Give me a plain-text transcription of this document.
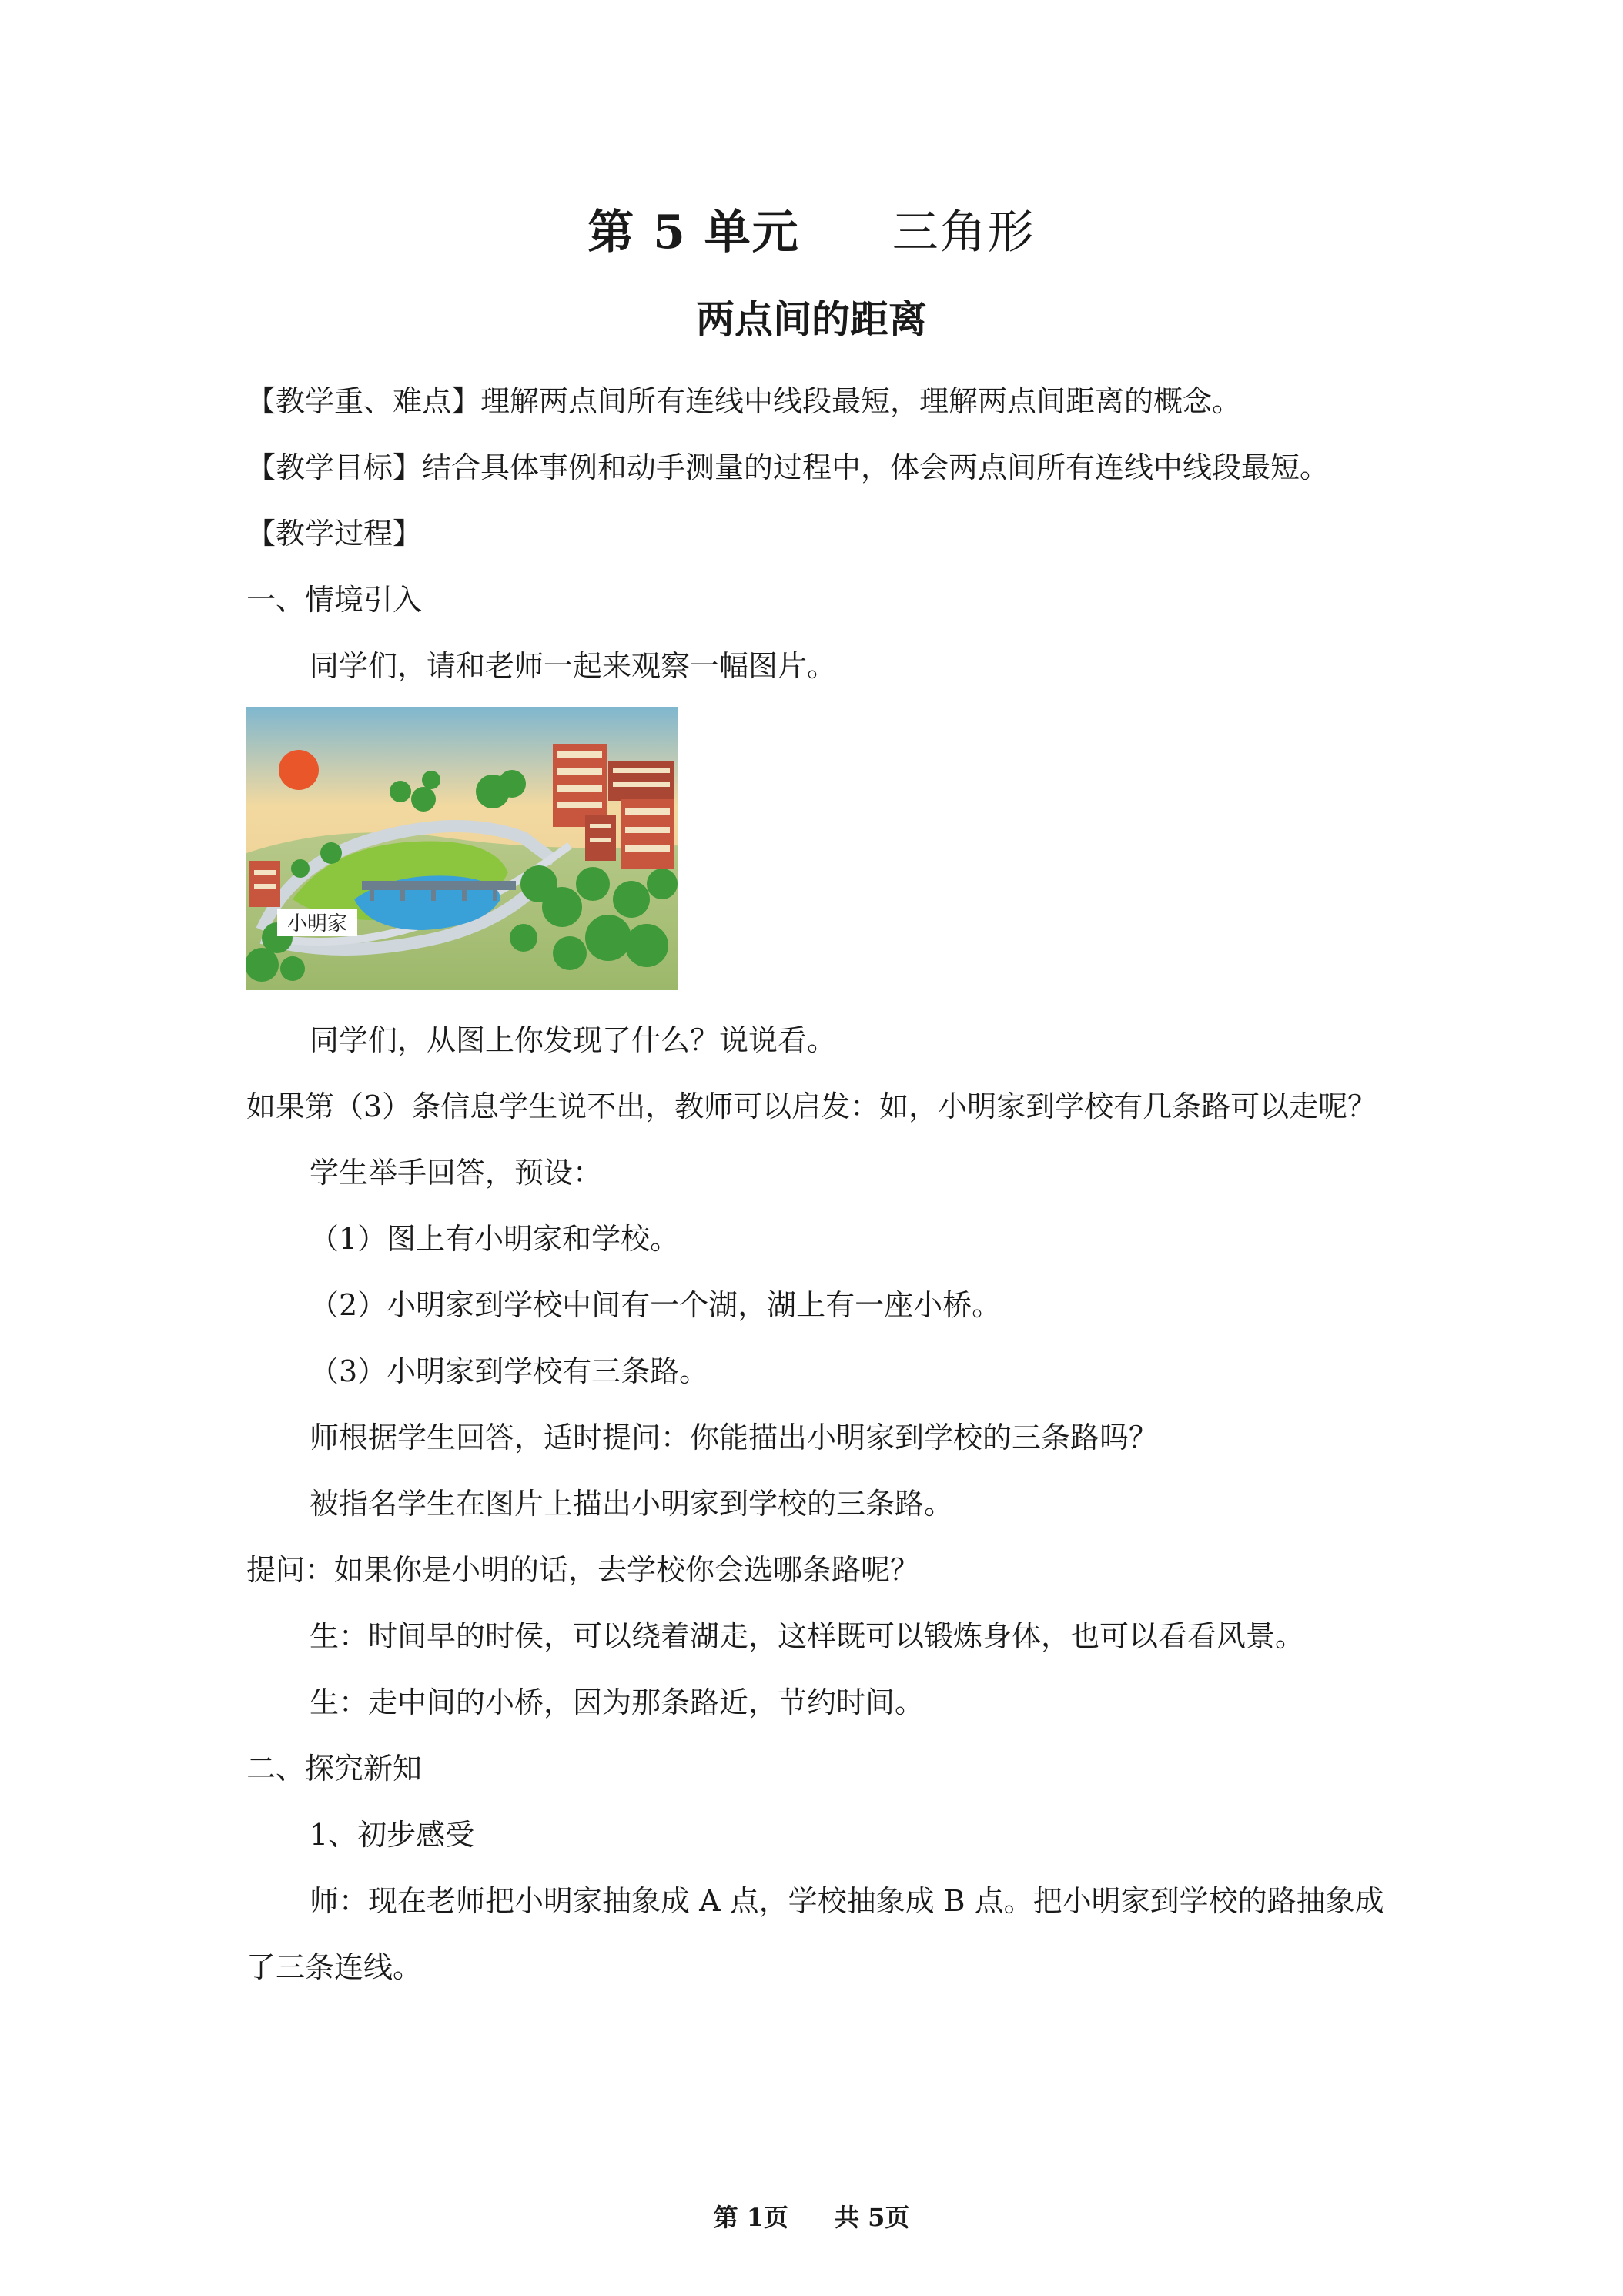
第 5 单元 三角形
两点间的距离

【教学重、难点】理解两点间所有连线中线段最短，理解两点间距离的概念。

【教学目标】结合具体事例和动手测量的过程中，体会两点间所有连线中线段最短。

【教学过程】

一、情境引入

同学们，请和老师一起来观察一幅图片。

小明家

同学们，从图上你发现了什么？说说看。

如果第（3）条信息学生说不出，教师可以启发：如，小明家到学校有几条路可以走呢？

学生举手回答，预设：

（1）图上有小明家和学校。

（2）小明家到学校中间有一个湖，湖上有一座小桥。

（3）小明家到学校有三条路。

师根据学生回答，适时提问：你能描出小明家到学校的三条路吗？

被指名学生在图片上描出小明家到学校的三条路。

提问：如果你是小明的话，去学校你会选哪条路呢？

生：时间早的时侯，可以绕着湖走，这样既可以锻炼身体，也可以看看风景。

生：走中间的小桥，因为那条路近，节约时间。

二、探究新知

1、初步感受

师：现在老师把小明家抽象成 A 点，学校抽象成 B 点。把小明家到学校的路抽象成了三条连线。

第 1页 共 5页
